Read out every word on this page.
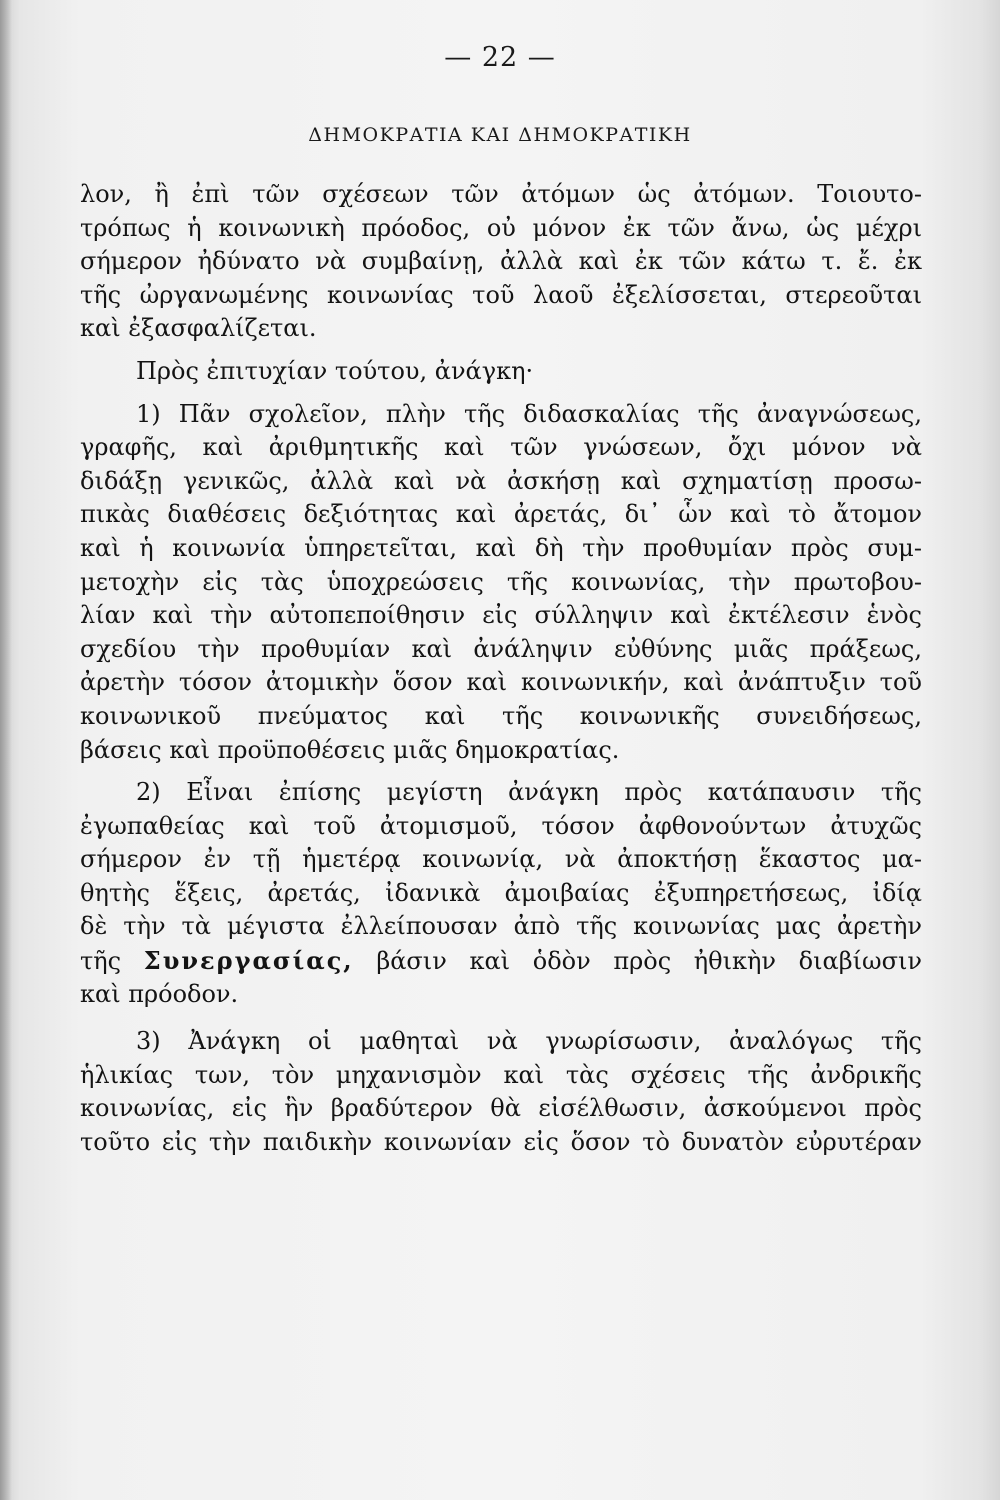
— 22 —
ΔΗΜΟΚΡΑΤΙΑ ΚΑΙ ΔΗΜΟΚΡΑΤΙΚΗ
λον, ἢ ἐπὶ τῶν σχέσεων τῶν ἀτόμων ὡς ἀτόμων. Τοιουτο-
τρόπως ἡ κοινωνικὴ πρόοδος, οὐ μόνον ἐκ τῶν ἄνω, ὡς μέχρι
σήμερον ἠδύνατο νὰ συμβαίνῃ, ἀλλὰ καὶ ἐκ τῶν κάτω τ. ἔ. ἐκ
τῆς ὠργανωμένης κοινωνίας τοῦ λαοῦ ἐξελίσσεται, στερεοῦται
καὶ ἐξασφαλίζεται.
Πρὸς ἐπιτυχίαν τούτου, ἀνάγκη·
1) Πᾶν σχολεῖον, πλὴν τῆς διδασκαλίας τῆς ἀναγνώσεως,
γραφῆς, καὶ ἀριθμητικῆς καὶ τῶν γνώσεων, ὄχι μόνον νὰ
διδάξῃ γενικῶς, ἀλλὰ καὶ νὰ ἀσκήσῃ καὶ σχηματίσῃ προσω-
πικὰς διαθέσεις δεξιότητας καὶ ἀρετάς, δι᾿ ὧν καὶ τὸ ἄτομον
καὶ ἡ κοινωνία ὑπηρετεῖται, καὶ δὴ τὴν προθυμίαν πρὸς συμ-
μετοχὴν εἰς τὰς ὑποχρεώσεις τῆς κοινωνίας, τὴν πρωτοβου-
λίαν καὶ τὴν αὐτοπεποίθησιν εἰς σύλληψιν καὶ ἐκτέλεσιν ἑνὸς
σχεδίου τὴν προθυμίαν καὶ ἀνάληψιν εὐθύνης μιᾶς πράξεως,
ἀρετὴν τόσον ἀτομικὴν ὅσον καὶ κοινωνικήν, καὶ ἀνάπτυξιν τοῦ
κοινωνικοῦ πνεύματος καὶ τῆς κοινωνικῆς συνειδήσεως,
βάσεις καὶ προϋποθέσεις μιᾶς δημοκρατίας.
2) Εἶναι ἐπίσης μεγίστη ἀνάγκη πρὸς κατάπαυσιν τῆς
ἐγωπαθείας καὶ τοῦ ἀτομισμοῦ, τόσον ἀφθονούντων ἀτυχῶς
σήμερον ἐν τῇ ἡμετέρᾳ κοινωνίᾳ, νὰ ἀποκτήσῃ ἕκαστος μα-
θητὴς ἕξεις, ἀρετάς, ἰδανικὰ ἀμοιβαίας ἐξυπηρετήσεως, ἰδίᾳ
δὲ τὴν τὰ μέγιστα ἐλλείπουσαν ἀπὸ τῆς κοινωνίας μας ἀρετὴν
τῆς Συνεργασίας, βάσιν καὶ ὁδὸν πρὸς ἠθικὴν διαβίωσιν
καὶ πρόοδον.
3) Ἀνάγκη οἱ μαθηταὶ νὰ γνωρίσωσιν, ἀναλόγως τῆς
ἡλικίας των, τὸν μηχανισμὸν καὶ τὰς σχέσεις τῆς ἀνδρικῆς
κοινωνίας, εἰς ἣν βραδύτερον θὰ εἰσέλθωσιν, ἀσκούμενοι πρὸς
τοῦτο εἰς τὴν παιδικὴν κοινωνίαν εἰς ὅσον τὸ δυνατὸν εὐρυτέραν
